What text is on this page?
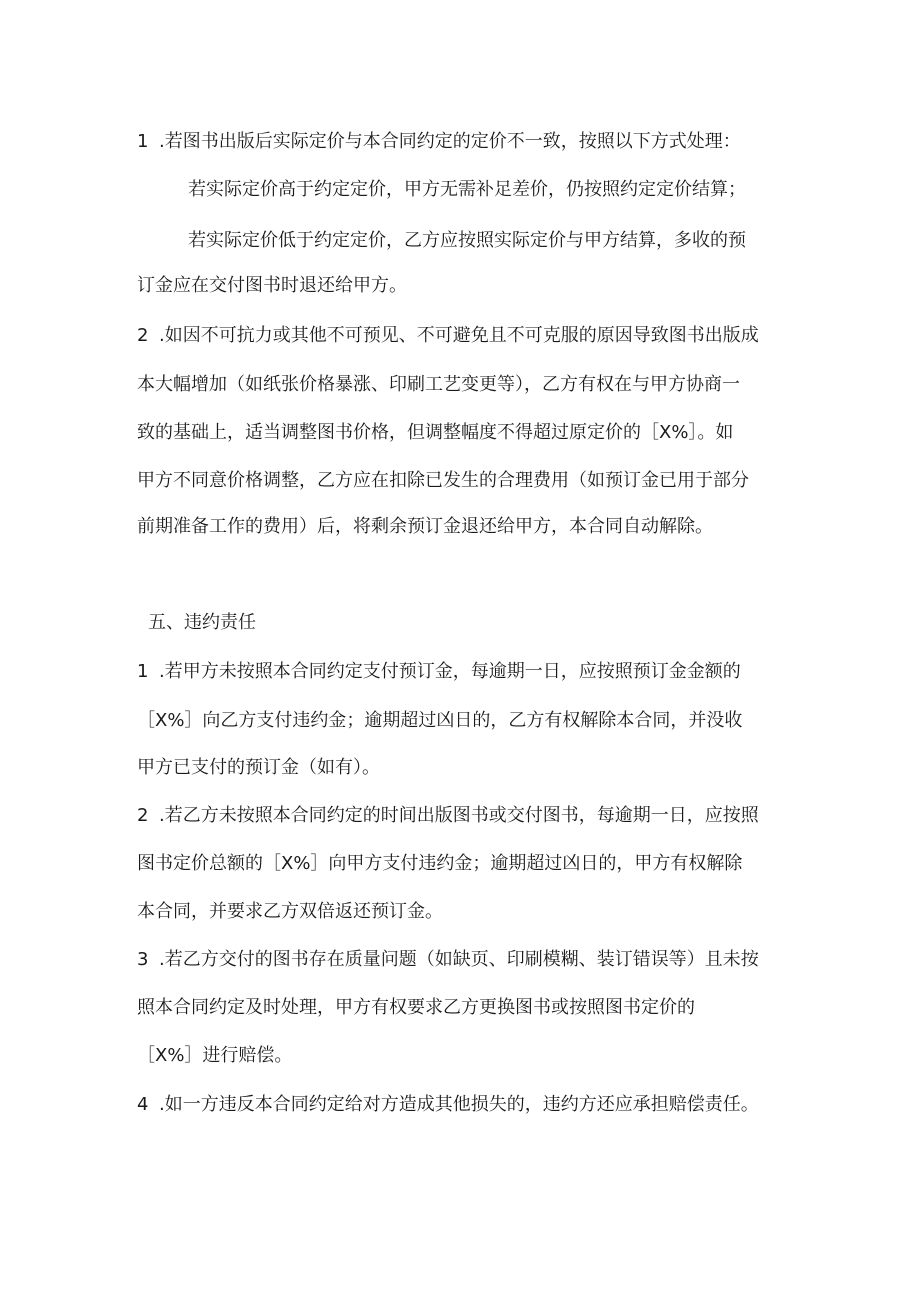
1 .若图书出版后实际定价与本合同约定的定价不一致，按照以下方式处理：
若实际定价高于约定定价，甲方无需补足差价，仍按照约定定价结算；
若实际定价低于约定定价，乙方应按照实际定价与甲方结算，多收的预
订金应在交付图书时退还给甲方。
2 .如因不可抗力或其他不可预见、不可避免且不可克服的原因导致图书出版成
本大幅增加（如纸张价格暴涨、印刷工艺变更等），乙方有权在与甲方协商一
致的基础上，适当调整图书价格，但调整幅度不得超过原定价的［X%］。如
甲方不同意价格调整，乙方应在扣除已发生的合理费用（如预订金已用于部分
前期准备工作的费用）后，将剩余预订金退还给甲方，本合同自动解除。
五、违约责任
1 .若甲方未按照本合同约定支付预订金，每逾期一日，应按照预订金金额的
［X%］向乙方支付违约金；逾期超过凶日的，乙方有权解除本合同，并没收
甲方已支付的预订金（如有）。
2 .若乙方未按照本合同约定的时间出版图书或交付图书，每逾期一日，应按照
图书定价总额的［X%］向甲方支付违约金；逾期超过凶日的，甲方有权解除
本合同，并要求乙方双倍返还预订金。
3 .若乙方交付的图书存在质量问题（如缺页、印刷模糊、装订错误等）且未按
照本合同约定及时处理，甲方有权要求乙方更换图书或按照图书定价的
［X%］进行赔偿。
4 .如一方违反本合同约定给对方造成其他损失的，违约方还应承担赔偿责任。
